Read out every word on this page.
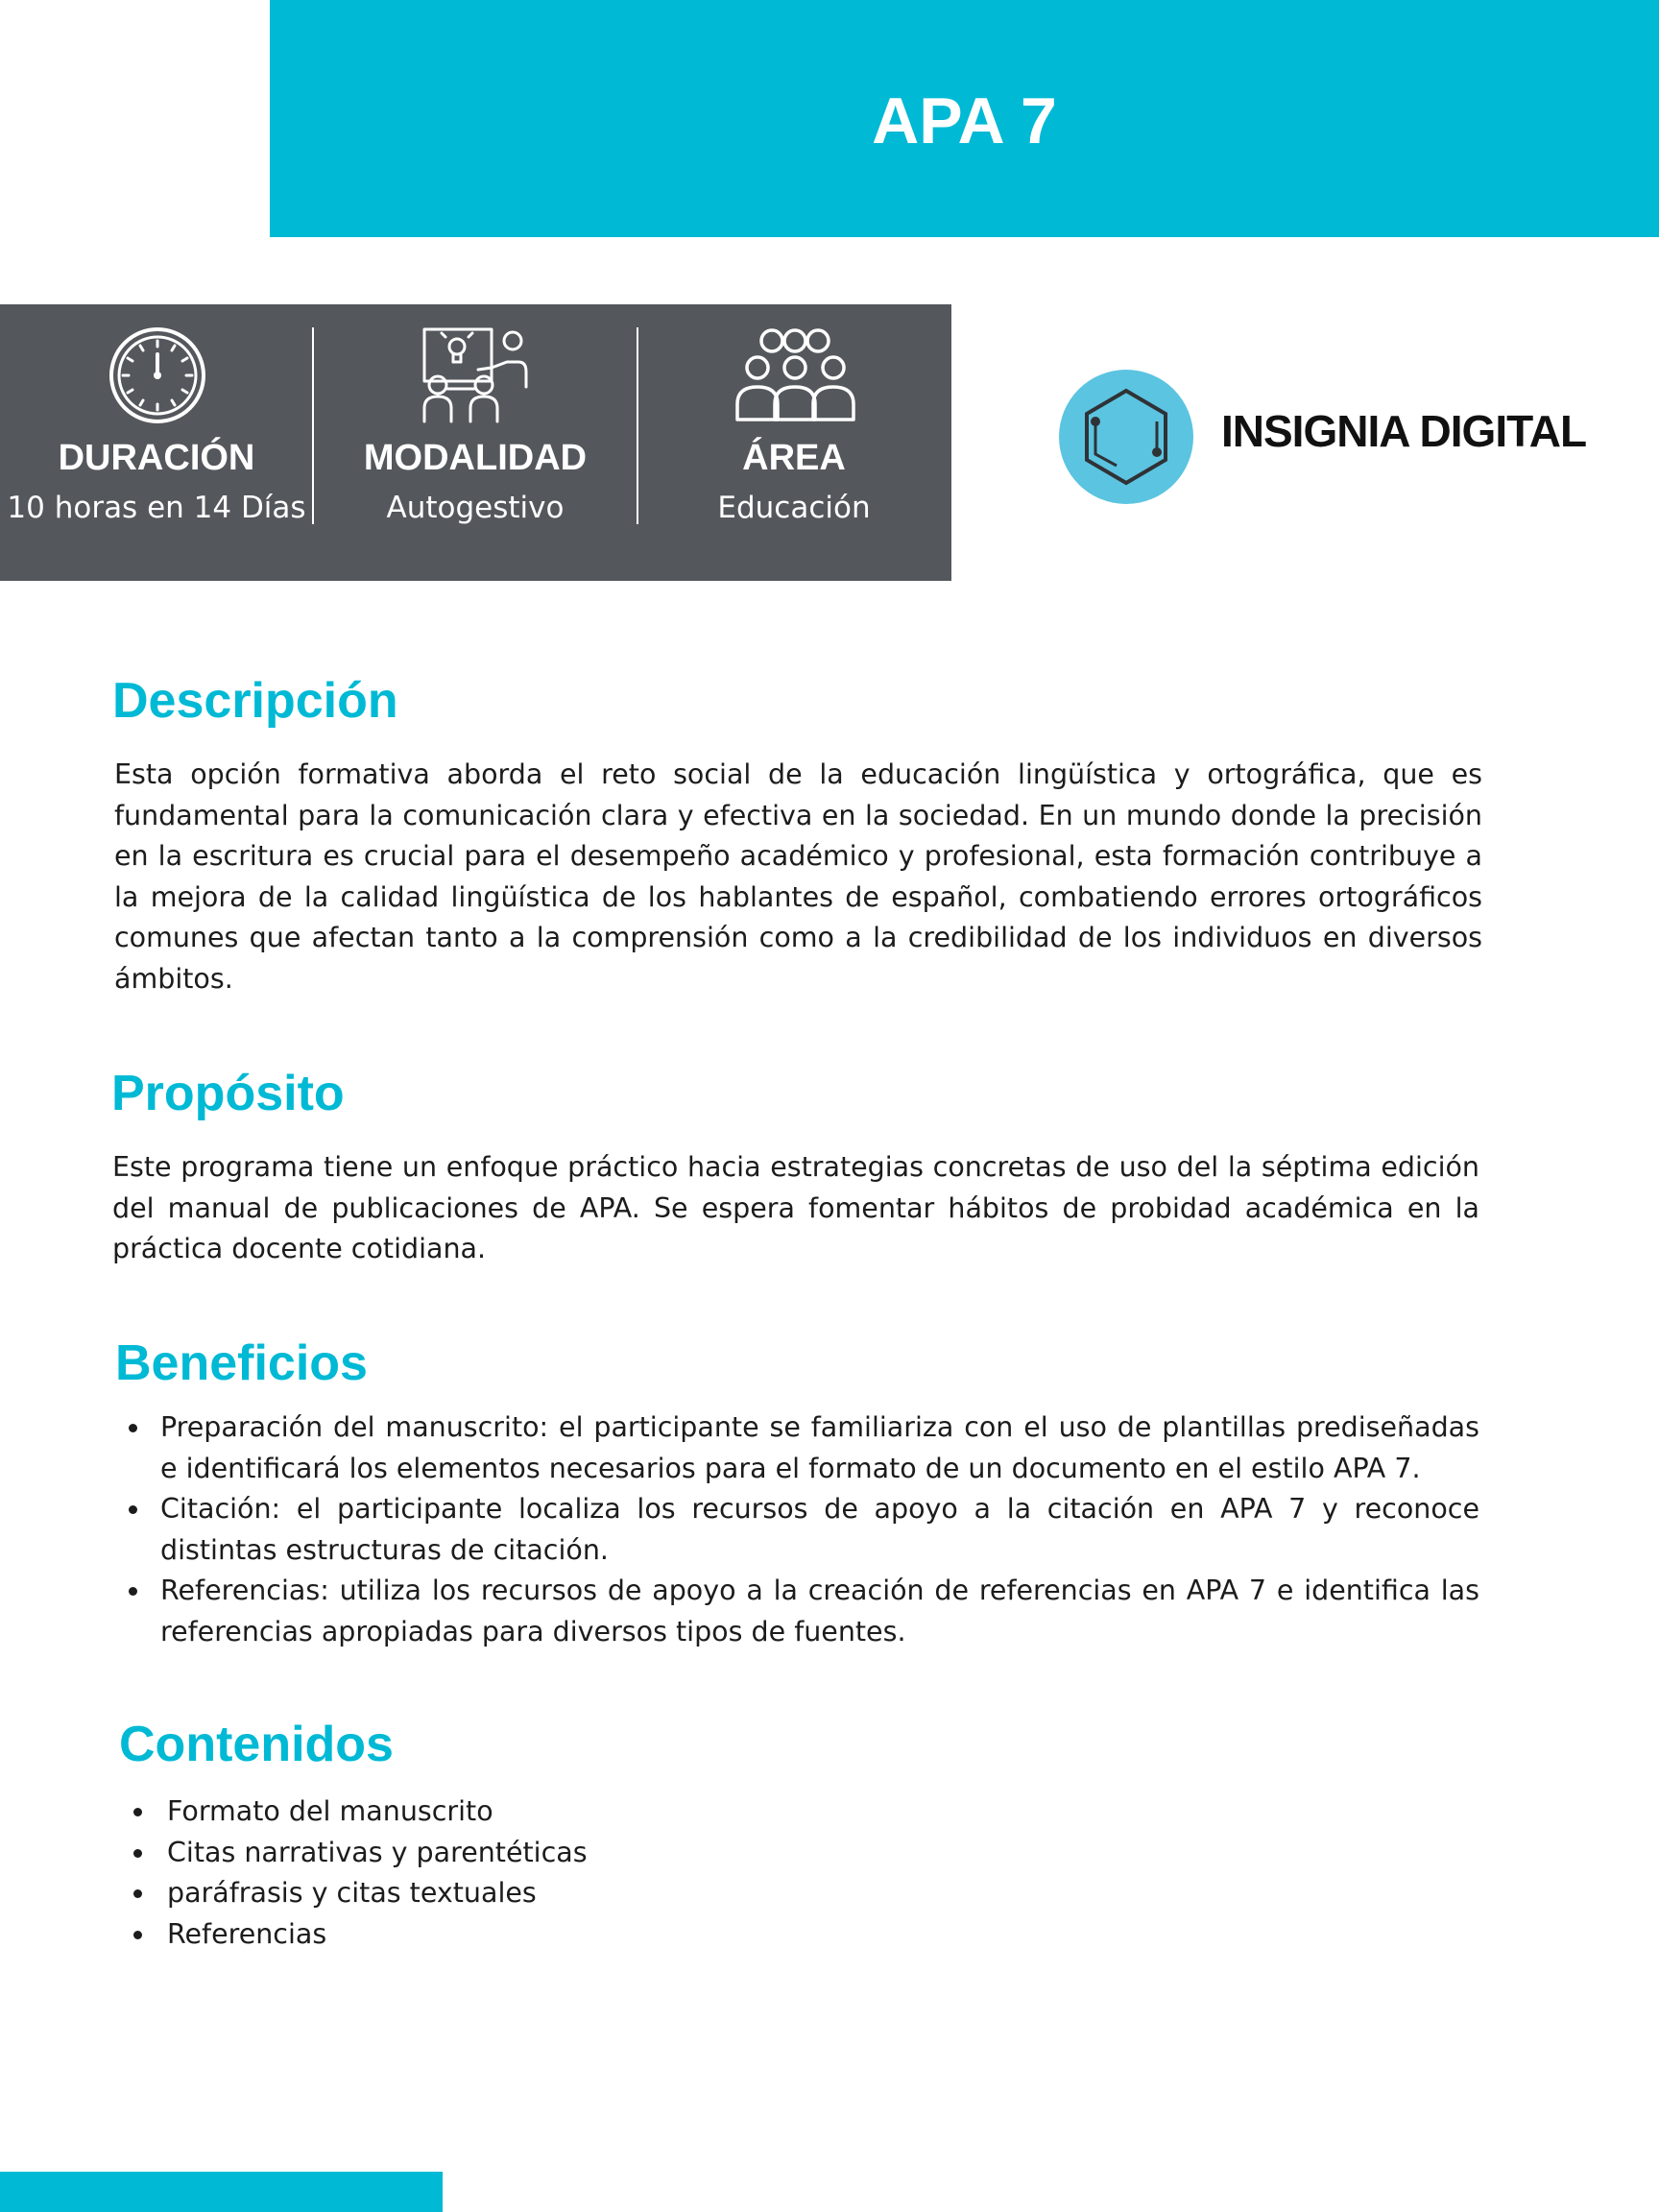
APA 7
DURACIÓN
10 horas en 14 Días
MODALIDAD
Autogestivo
ÁREA
Educación
INSIGNIA DIGITAL
Descripción

Esta opción formativa aborda el reto social de la educación lingüística y ortográfica, que es fundamental para la comunicación clara y efectiva en la sociedad. En un mundo donde la precisión en la escritura es crucial para el desempeño académico y profesional, esta formación contribuye a la mejora de la calidad lingüística de los hablantes de español, combatiendo errores ortográficos comunes que afectan tanto a la comprensión como a la credibilidad de los individuos en diversos ámbitos.

Propósito

Este programa tiene un enfoque práctico hacia estrategias concretas de uso del la séptima edición del manual de publicaciones de APA. Se espera fomentar hábitos de probidad académica en la práctica docente cotidiana.

Beneficios
Preparación del manuscrito: el participante se familiariza con el uso de plantillas prediseñadas e identificará los elementos necesarios para el formato de un documento en el estilo APA 7.
Citación: el participante localiza los recursos de apoyo a la citación en APA 7 y reconoce distintas estructuras de citación.
Referencias: utiliza los recursos de apoyo a la creación de referencias en APA 7 e identifica las referencias apropiadas para diversos tipos de fuentes.
Contenidos
Formato del manuscrito
Citas narrativas y parentéticas
paráfrasis y citas textuales
Referencias
